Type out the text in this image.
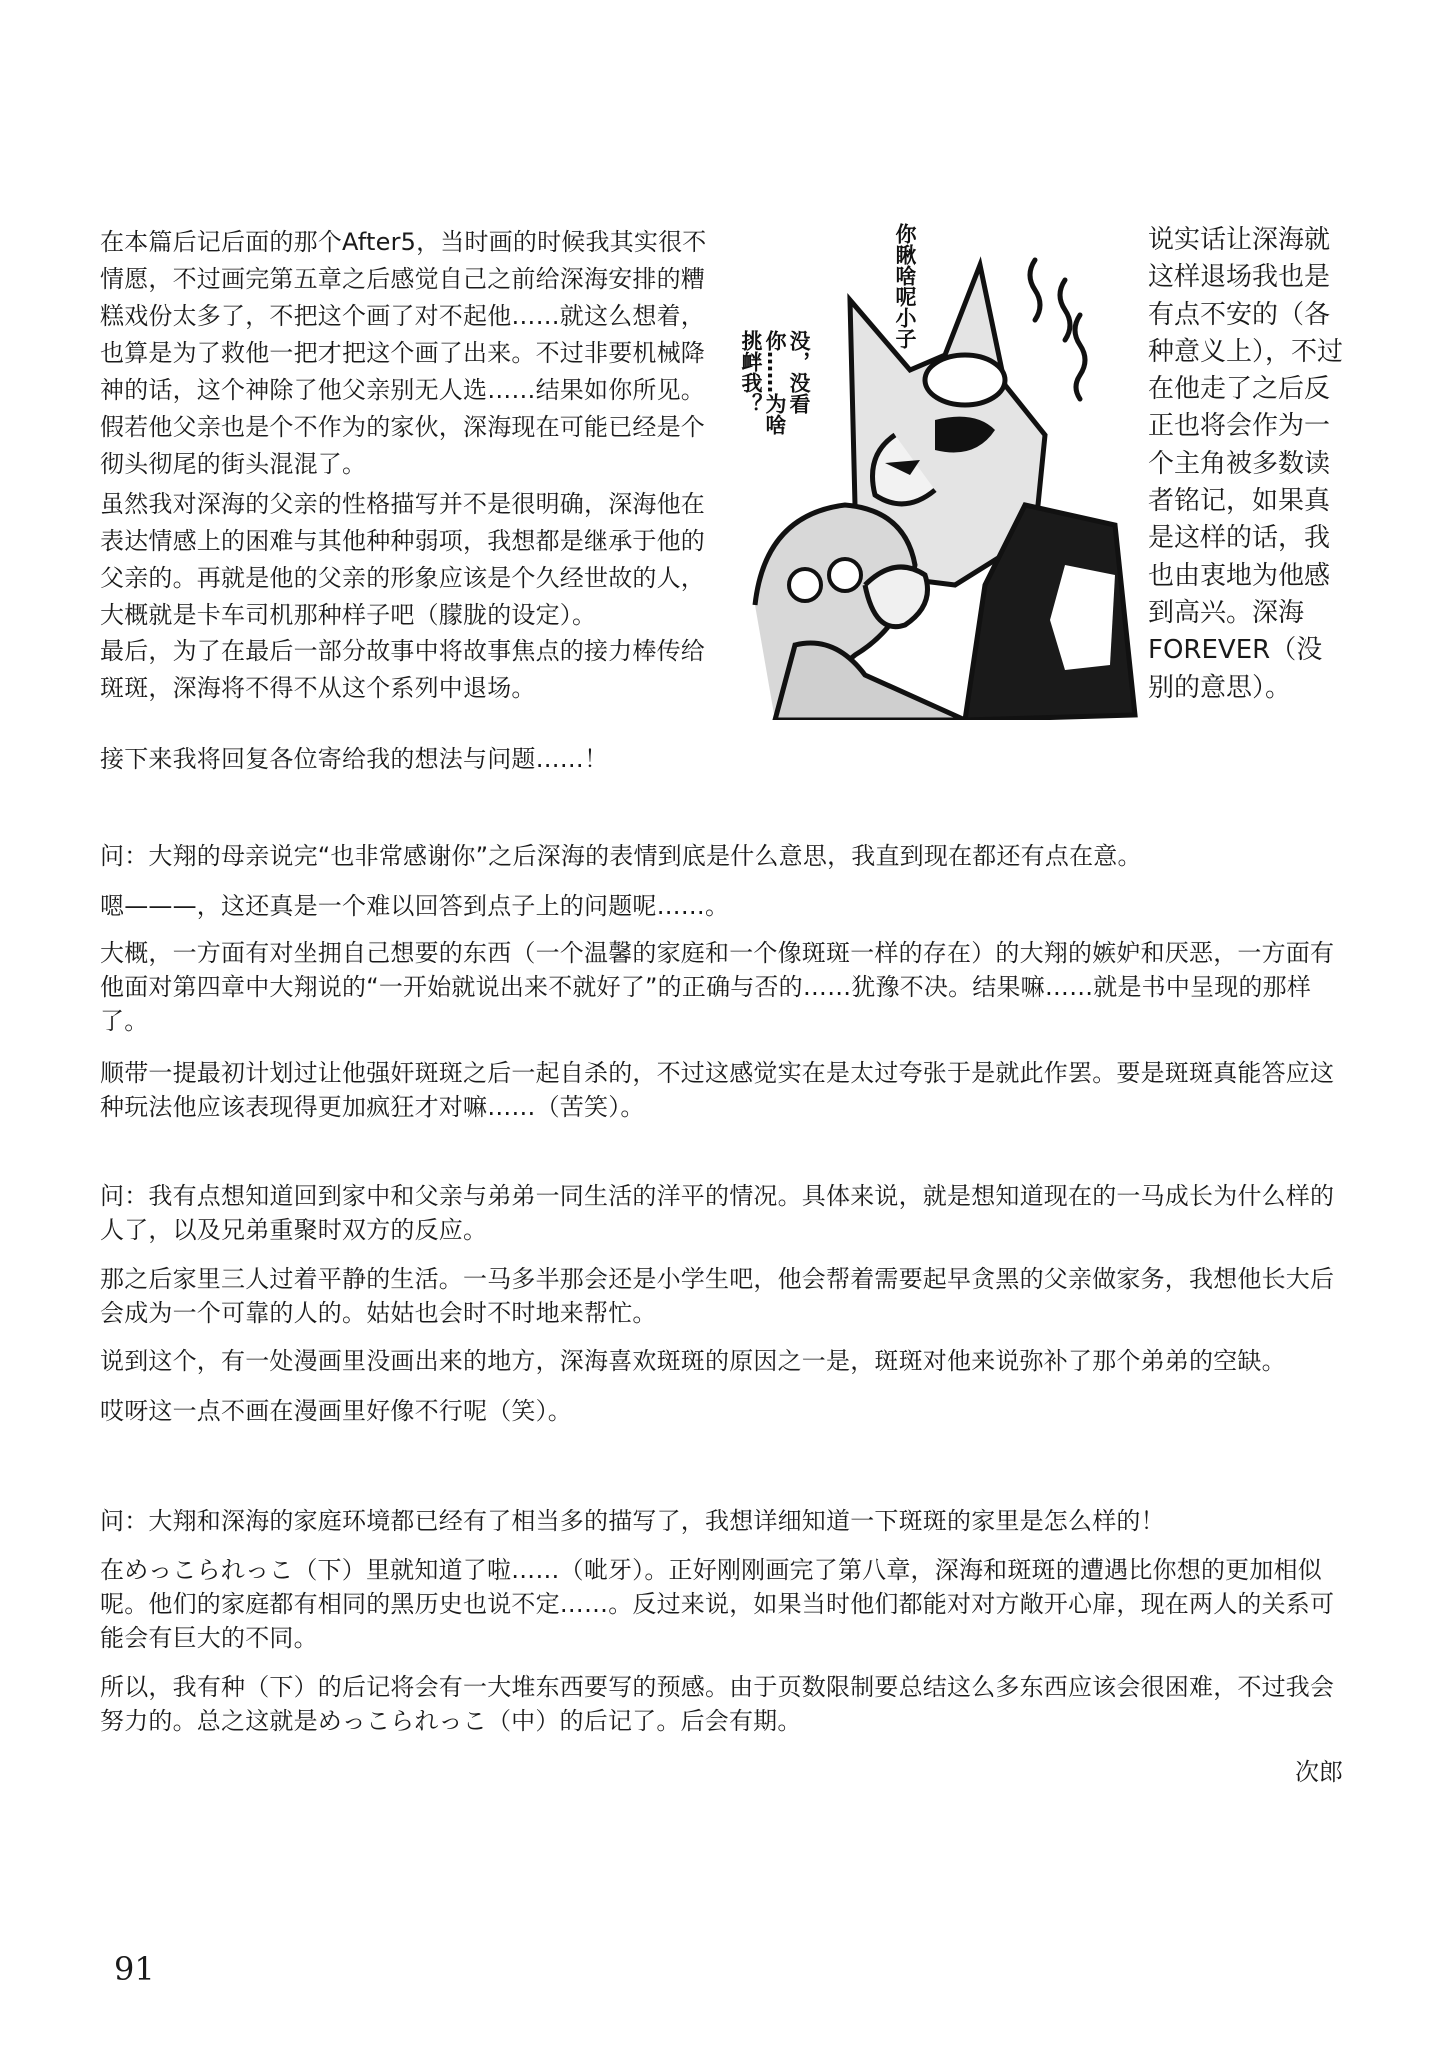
在本篇后记后面的那个After5，当时画的时候我其实很不情愿，不过画完第五章之后感觉自己之前给深海安排的糟糕戏份太多了，不把这个画了对不起他……就这么想着，也算是为了救他一把才把这个画了出来。不过非要机械降神的话，这个神除了他父亲别无人选……结果如你所见。假若他父亲也是个不作为的家伙，深海现在可能已经是个彻头彻尾的街头混混了。

虽然我对深海的父亲的性格描写并不是很明确，深海他在表达情感上的困难与其他种种弱项，我想都是继承于他的父亲的。再就是他的父亲的形象应该是个久经世故的人，大概就是卡车司机那种样子吧（朦胧的设定）。

最后，为了在最后一部分故事中将故事焦点的接力棒传给斑斑，深海将不得不从这个系列中退场。

接下来我将回复各位寄给我的想法与问题……！

你瞅啥呢小子
没，没看你……为啥挑衅我？

说实话让深海就这样退场我也是有点不安的（各种意义上），不过在他走了之后反正也将会作为一个主角被多数读者铭记，如果真是这样的话，我也由衷地为他感到高兴。深海FOREVER（没别的意思）。

问：大翔的母亲说完“也非常感谢你”之后深海的表情到底是什么意思，我直到现在都还有点在意。

嗯———，这还真是一个难以回答到点子上的问题呢……。

大概，一方面有对坐拥自己想要的东西（一个温馨的家庭和一个像斑斑一样的存在）的大翔的嫉妒和厌恶，一方面有他面对第四章中大翔说的“一开始就说出来不就好了”的正确与否的……犹豫不决。结果嘛……就是书中呈现的那样了。

顺带一提最初计划过让他强奸斑斑之后一起自杀的，不过这感觉实在是太过夸张于是就此作罢。要是斑斑真能答应这种玩法他应该表现得更加疯狂才对嘛……（苦笑）。

问：我有点想知道回到家中和父亲与弟弟一同生活的洋平的情况。具体来说，就是想知道现在的一马成长为什么样的人了，以及兄弟重聚时双方的反应。

那之后家里三人过着平静的生活。一马多半那会还是小学生吧，他会帮着需要起早贪黑的父亲做家务，我想他长大后会成为一个可靠的人的。姑姑也会时不时地来帮忙。

说到这个，有一处漫画里没画出来的地方，深海喜欢斑斑的原因之一是，斑斑对他来说弥补了那个弟弟的空缺。

哎呀这一点不画在漫画里好像不行呢（笑）。

问：大翔和深海的家庭环境都已经有了相当多的描写了，我想详细知道一下斑斑的家里是怎么样的！

在めっこられっこ（下）里就知道了啦……（呲牙）。正好刚刚画完了第八章，深海和斑斑的遭遇比你想的更加相似呢。他们的家庭都有相同的黑历史也说不定……。反过来说，如果当时他们都能对对方敞开心扉，现在两人的关系可能会有巨大的不同。

所以，我有种（下）的后记将会有一大堆东西要写的预感。由于页数限制要总结这么多东西应该会很困难，不过我会努力的。总之这就是めっこられっこ（中）的后记了。后会有期。

次郎

91
